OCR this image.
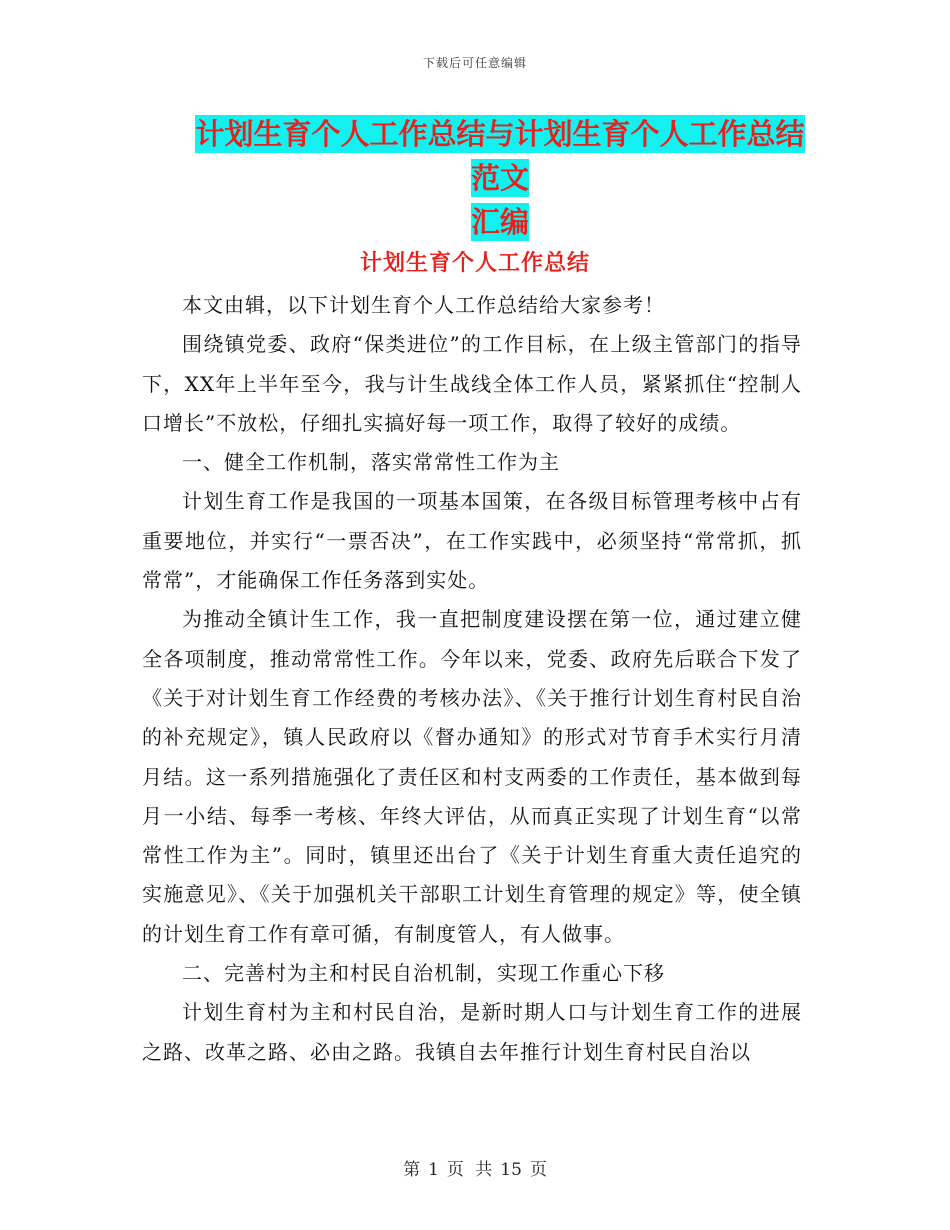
下载后可任意编辑
计划生育个人工作总结与计划生育个人工作总结范文
汇编
计划生育个人工作总结

本文由辑，以下计划生育个人工作总结给大家参考！

围绕镇党委、政府“保类进位”的工作目标，在上级主管部门的指导下，XX年上半年至今，我与计生战线全体工作人员，紧紧抓住“控制人口增长”不放松，仔细扎实搞好每一项工作，取得了较好的成绩。

一、健全工作机制，落实常常性工作为主

计划生育工作是我国的一项基本国策，在各级目标管理考核中占有重要地位，并实行“一票否决”，在工作实践中，必须坚持“常常抓，抓常常”，才能确保工作任务落到实处。

为推动全镇计生工作，我一直把制度建设摆在第一位，通过建立健全各项制度，推动常常性工作。今年以来，党委、政府先后联合下发了《关于对计划生育工作经费的考核办法》、《关于推行计划生育村民自治的补充规定》，镇人民政府以《督办通知》的形式对节育手术实行月清月结。这一系列措施强化了责任区和村支两委的工作责任，基本做到每月一小结、每季一考核、年终大评估，从而真正实现了计划生育“以常常性工作为主”。同时，镇里还出台了《关于计划生育重大责任追究的实施意见》、《关于加强机关干部职工计划生育管理的规定》等，使全镇的计划生育工作有章可循，有制度管人，有人做事。

二、完善村为主和村民自治机制，实现工作重心下移

计划生育村为主和村民自治，是新时期人口与计划生育工作的进展之路、改革之路、必由之路。我镇自去年推行计划生育村民自治以

第 1 页 共 15 页
